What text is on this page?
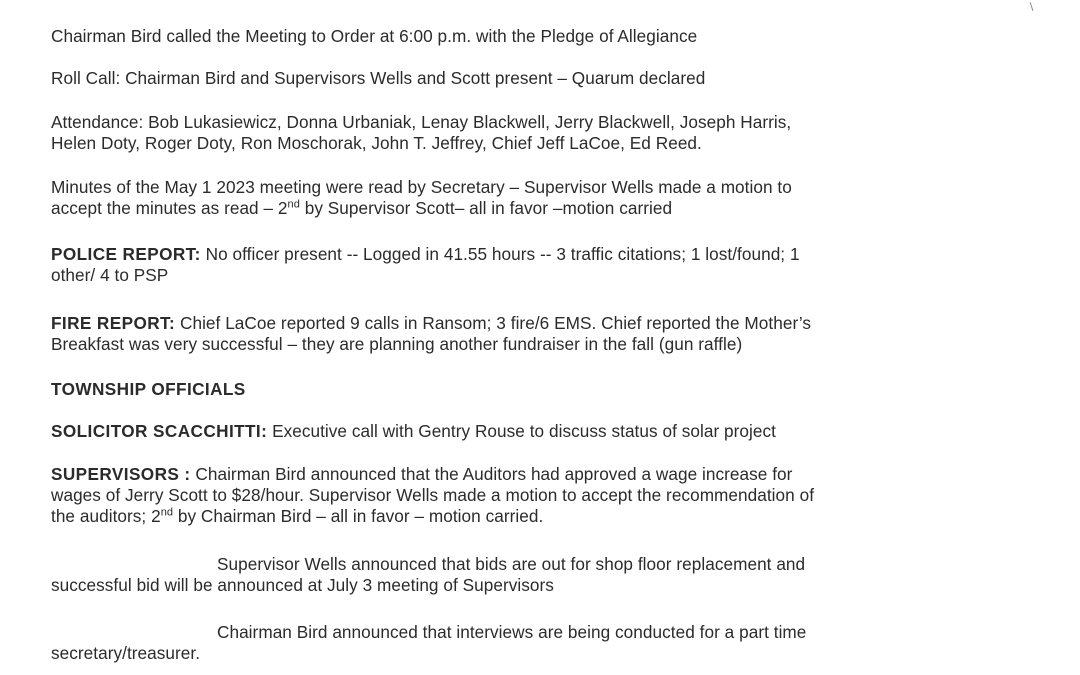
Chairman Bird called the Meeting to Order at 6:00 p.m. with the Pledge of Allegiance
Roll Call: Chairman Bird and Supervisors Wells and Scott present – Quarum declared
Attendance: Bob Lukasiewicz, Donna Urbaniak, Lenay Blackwell, Jerry Blackwell, Joseph Harris,
Helen Doty, Roger Doty, Ron Moschorak, John T. Jeffrey, Chief Jeff LaCoe, Ed Reed.
Minutes of the May 1 2023 meeting were read by Secretary – Supervisor Wells made a motion to
accept the minutes as read – 2nd by Supervisor Scott– all in favor –motion carried
POLICE REPORT: No officer present -- Logged in 41.55 hours -- 3 traffic citations; 1 lost/found; 1
other/ 4 to PSP
FIRE REPORT: Chief LaCoe reported 9 calls in Ransom; 3 fire/6 EMS. Chief reported the Mother’s
Breakfast was very successful – they are planning another fundraiser in the fall (gun raffle)
TOWNSHIP OFFICIALS
SOLICITOR SCACCHITTI: Executive call with Gentry Rouse to discuss status of solar project
SUPERVISORS : Chairman Bird announced that the Auditors had approved a wage increase for
wages of Jerry Scott to $28/hour. Supervisor Wells made a motion to accept the recommendation of
the auditors; 2nd by Chairman Bird – all in favor – motion carried.
Supervisor Wells announced that bids are out for shop floor replacement and
successful bid will be announced at July 3 meeting of Supervisors
Chairman Bird announced that interviews are being conducted for a part time
secretary/treasurer.
